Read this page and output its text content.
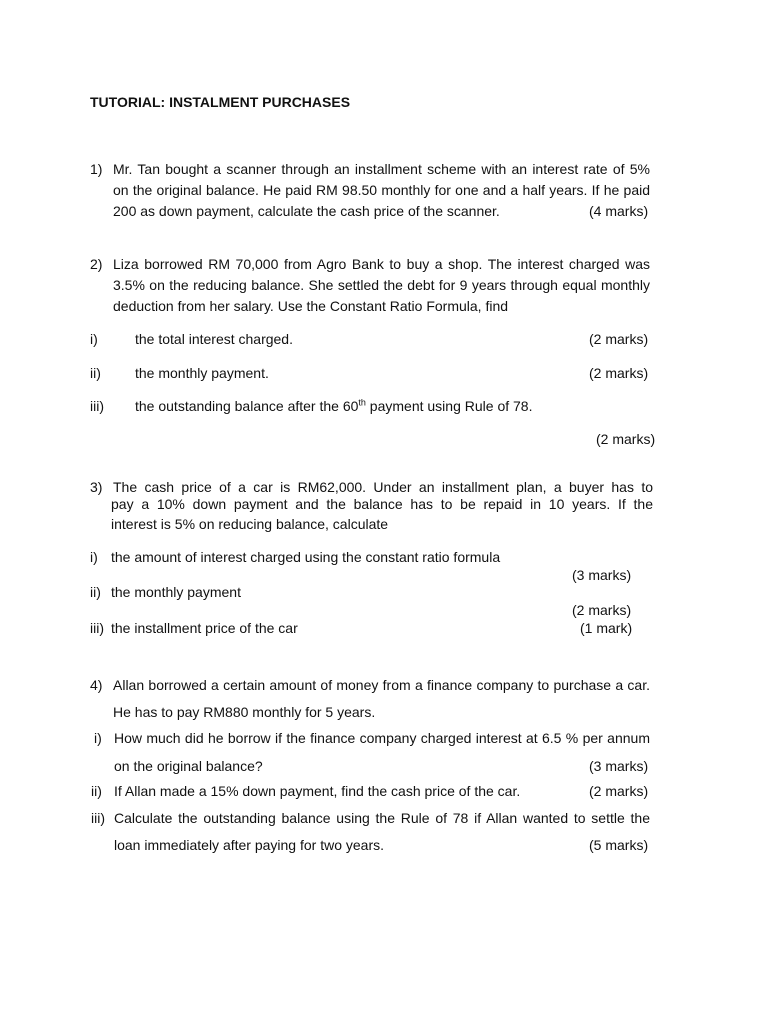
TUTORIAL: INSTALMENT PURCHASES
1) Mr. Tan bought a scanner through an installment scheme with an interest rate of 5%
on the original balance. He paid RM 98.50 monthly for one and a half years. If he paid
200 as down payment, calculate the cash price of the scanner.	(4 marks)
2) Liza borrowed RM 70,000 from Agro Bank to buy a shop. The interest charged was
3.5% on the reducing balance. She settled the debt for 9 years through equal monthly
deduction from her salary. Use the Constant Ratio Formula, find
i)	the total interest charged.	(2 marks)
ii) the monthly payment.	(2 marks)
iii) the outstanding balance after the 60th payment using Rule of 78.
(2 marks)
3) The cash price of a car is RM62,000. Under an installment plan, a buyer has to
pay a 10% down payment and the balance has to be repaid in 10 years. If the
interest is 5% on reducing balance, calculate
i) the amount of interest charged using the constant ratio formula
(3 marks)
ii) the monthly payment
(2 marks)
iii) the installment price of the car	(1 mark)
4) Allan borrowed a certain amount of money from a finance company to purchase a car.
He has to pay RM880 monthly for 5 years.
i) How much did he borrow if the finance company charged interest at 6.5 % per annum
on the original balance?	(3 marks)
ii) If Allan made a 15% down payment, find the cash price of the car.	(2 marks)
iii) Calculate the outstanding balance using the Rule of 78 if Allan wanted to settle the
loan immediately after paying for two years.	(5 marks)
